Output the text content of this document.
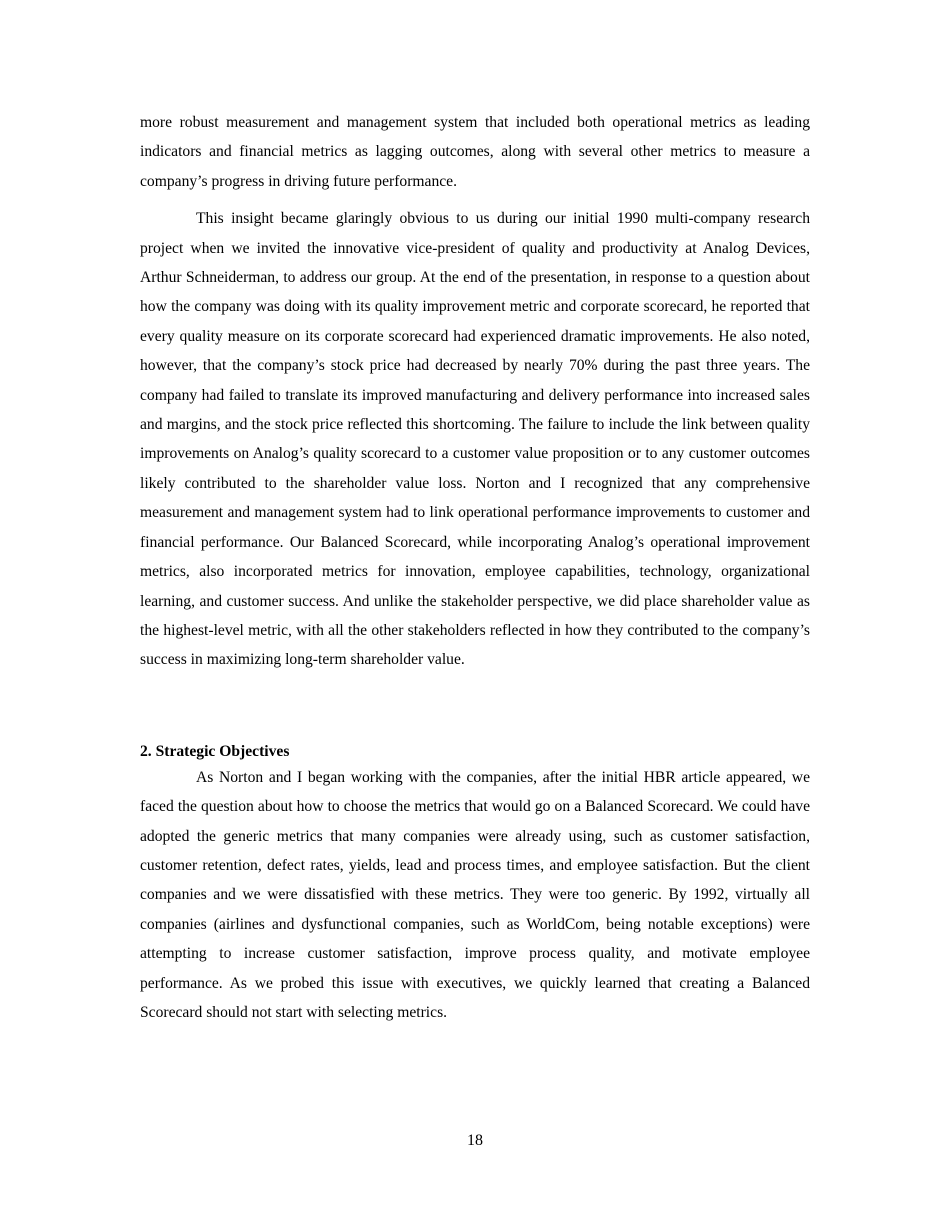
more robust measurement and management system that included both operational metrics as leading indicators and financial metrics as lagging outcomes, along with several other metrics to measure a company’s progress in driving future performance.

This insight became glaringly obvious to us during our initial 1990 multi-company research project when we invited the innovative vice-president of quality and productivity at Analog Devices, Arthur Schneiderman, to address our group. At the end of the presentation, in response to a question about how the company was doing with its quality improvement metric and corporate scorecard, he reported that every quality measure on its corporate scorecard had experienced dramatic improvements. He also noted, however, that the company’s stock price had decreased by nearly 70% during the past three years. The company had failed to translate its improved manufacturing and delivery performance into increased sales and margins, and the stock price reflected this shortcoming. The failure to include the link between quality improvements on Analog’s quality scorecard to a customer value proposition or to any customer outcomes likely contributed to the shareholder value loss. Norton and I recognized that any comprehensive measurement and management system had to link operational performance improvements to customer and financial performance. Our Balanced Scorecard, while incorporating Analog’s operational improvement metrics, also incorporated metrics for innovation, employee capabilities, technology, organizational learning, and customer success. And unlike the stakeholder perspective, we did place shareholder value as the highest-level metric, with all the other stakeholders reflected in how they contributed to the company’s success in maximizing long-term shareholder value.

2. Strategic Objectives

As Norton and I began working with the companies, after the initial HBR article appeared, we faced the question about how to choose the metrics that would go on a Balanced Scorecard. We could have adopted the generic metrics that many companies were already using, such as customer satisfaction, customer retention, defect rates, yields, lead and process times, and employee satisfaction. But the client companies and we were dissatisfied with these metrics. They were too generic. By 1992, virtually all companies (airlines and dysfunctional companies, such as WorldCom, being notable exceptions) were attempting to increase customer satisfaction, improve process quality, and motivate employee performance. As we probed this issue with executives, we quickly learned that creating a Balanced Scorecard should not start with selecting metrics.

18
